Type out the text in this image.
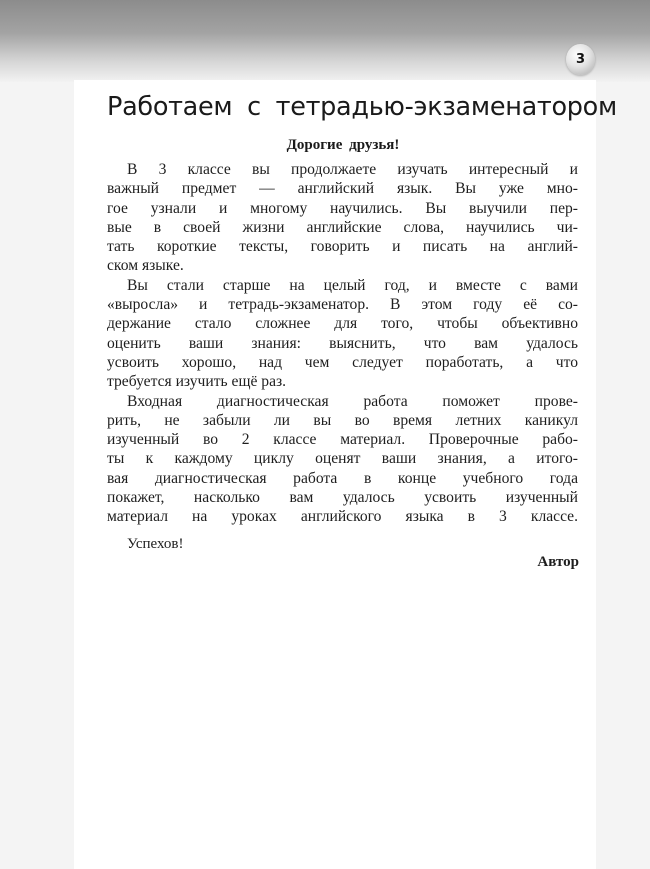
3
Работаем с тетрадью-экзаменатором
Дорогие друзья!
В 3 классе вы продолжаете изучать интересный и
важный предмет — английский язык. Вы уже мно-
гое узнали и многому научились. Вы выучили пер-
вые в своей жизни английские слова, научились чи-
тать короткие тексты, говорить и писать на англий-
ском языке.
Вы стали старше на целый год, и вместе с вами
«выросла» и тетрадь-экзаменатор. В этом году её со-
держание стало сложнее для того, чтобы объективно
оценить ваши знания: выяснить, что вам удалось
усвоить хорошо, над чем следует поработать, а что
требуется изучить ещё раз.
Входная диагностическая работа поможет прове-
рить, не забыли ли вы во время летних каникул
изученный во 2 классе материал. Проверочные рабо-
ты к каждому циклу оценят ваши знания, а итого-
вая диагностическая работа в конце учебного года
покажет, насколько вам удалось усвоить изученный
материал на уроках английского языка в 3 классе.
Успехов!
Автор
